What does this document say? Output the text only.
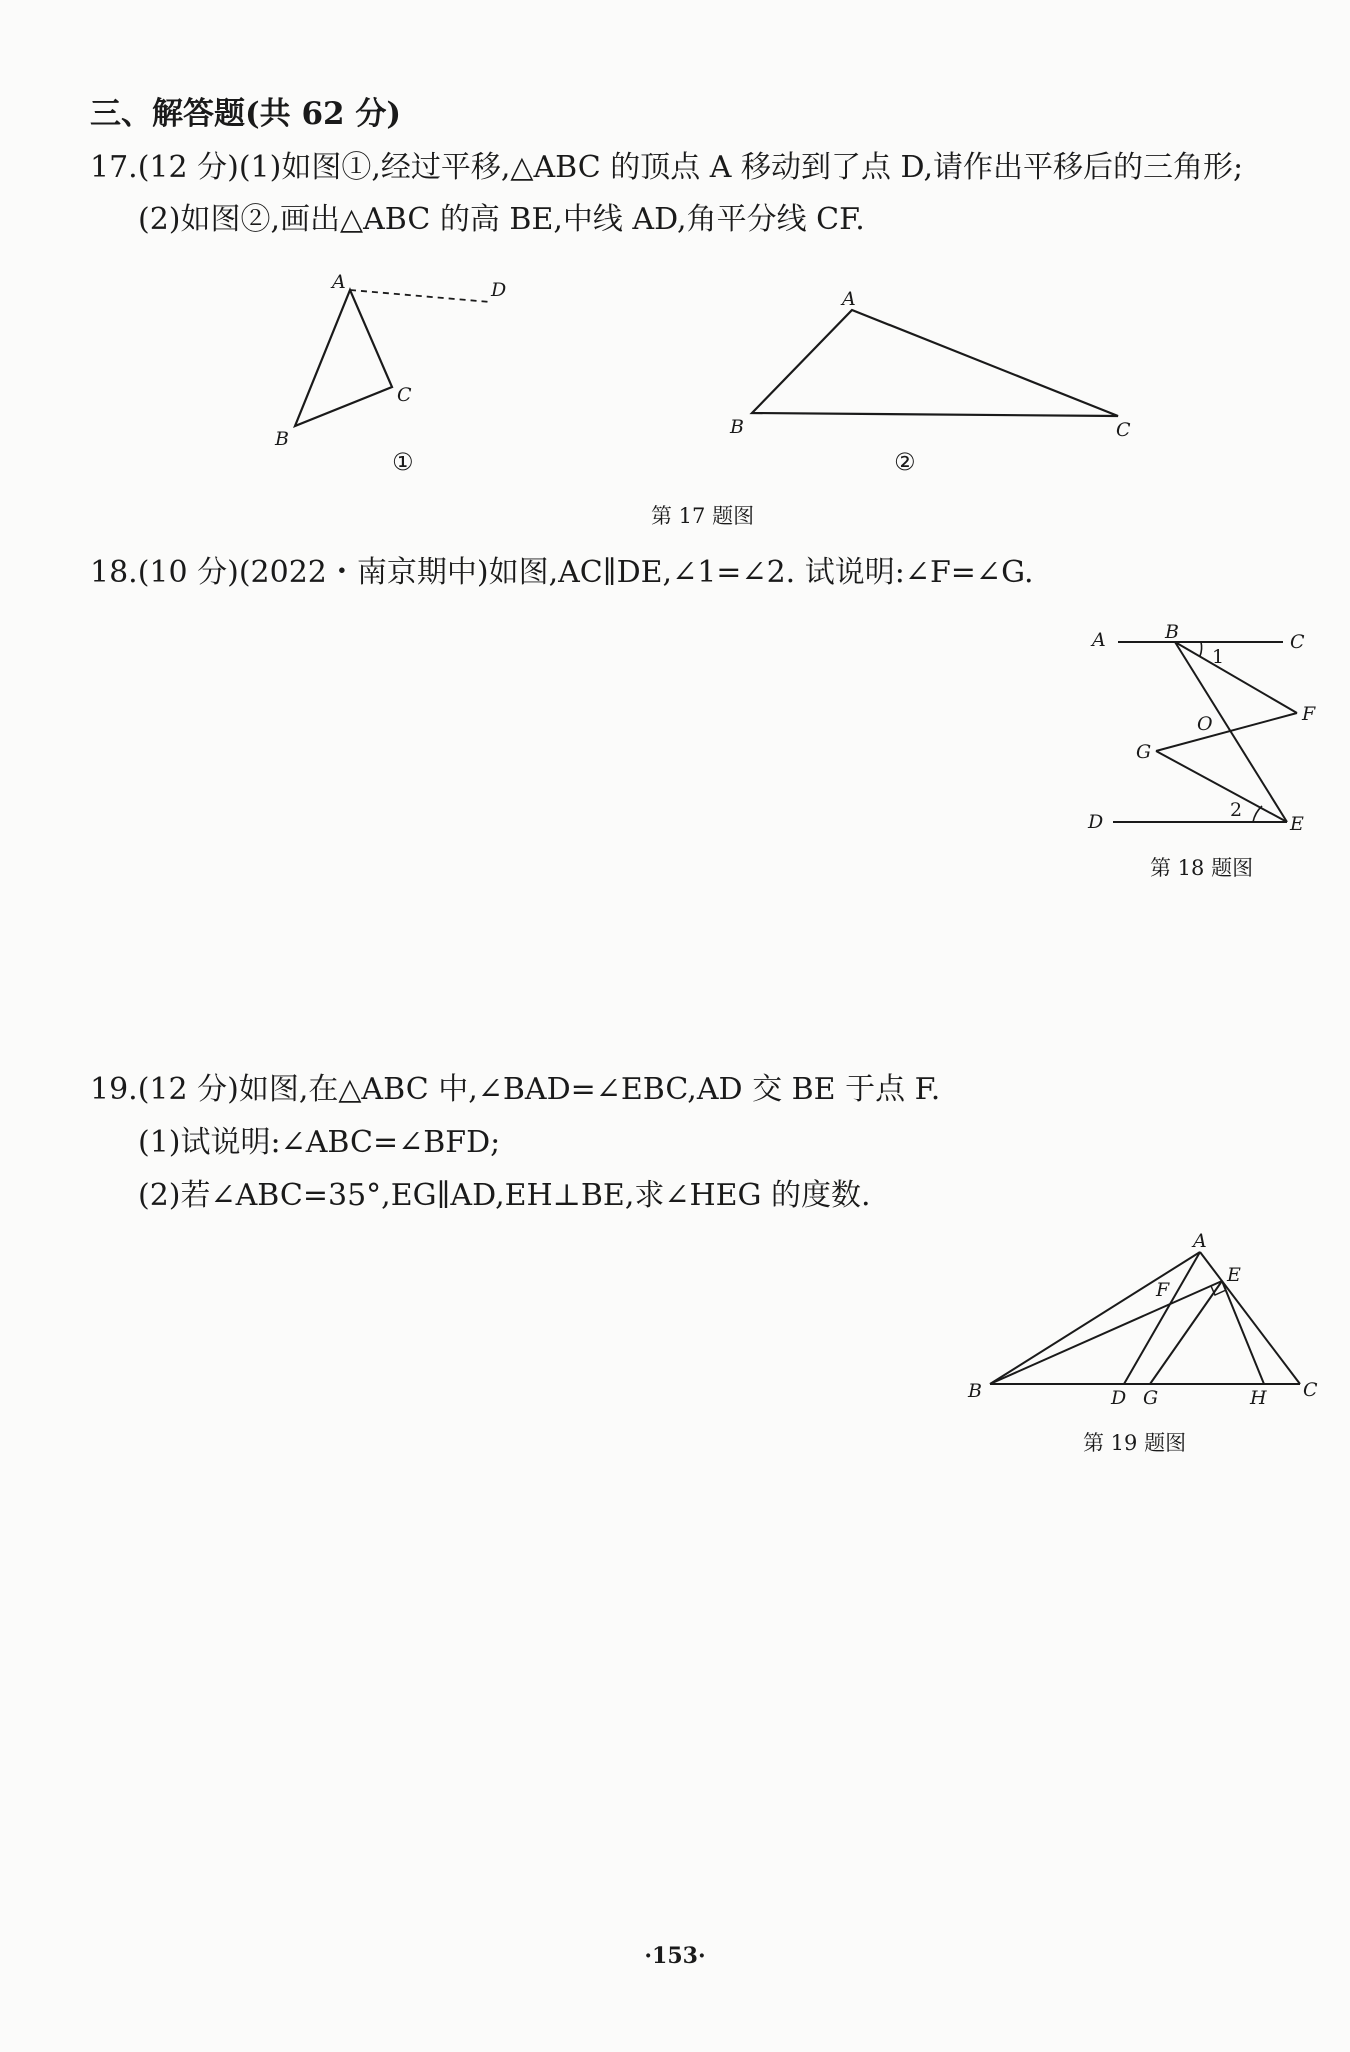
三、解答题(共 62 分)
17.(12 分)(1)如图①,经过平移,△ABC 的顶点 A 移动到了点 D,请作出平移后的三角形;
(2)如图②,画出△ABC 的高 BE,中线 AD,角平分线 CF.
A	D
C
B
①
A
B	C
②
A	B	C
1
F
O
G
2
D	E
A
E
F
B	D G	H C
第 17 题图
18.(10 分)(2022・南京期中)如图,AC∥DE,∠1=∠2. 试说明:∠F=∠G.
第 18 题图
19.(12 分)如图,在△ABC 中,∠BAD=∠EBC,AD 交 BE 于点 F.
(1)试说明:∠ABC=∠BFD;
(2)若∠ABC=35°,EG∥AD,EH⊥BE,求∠HEG 的度数.
第 19 题图
·153·
